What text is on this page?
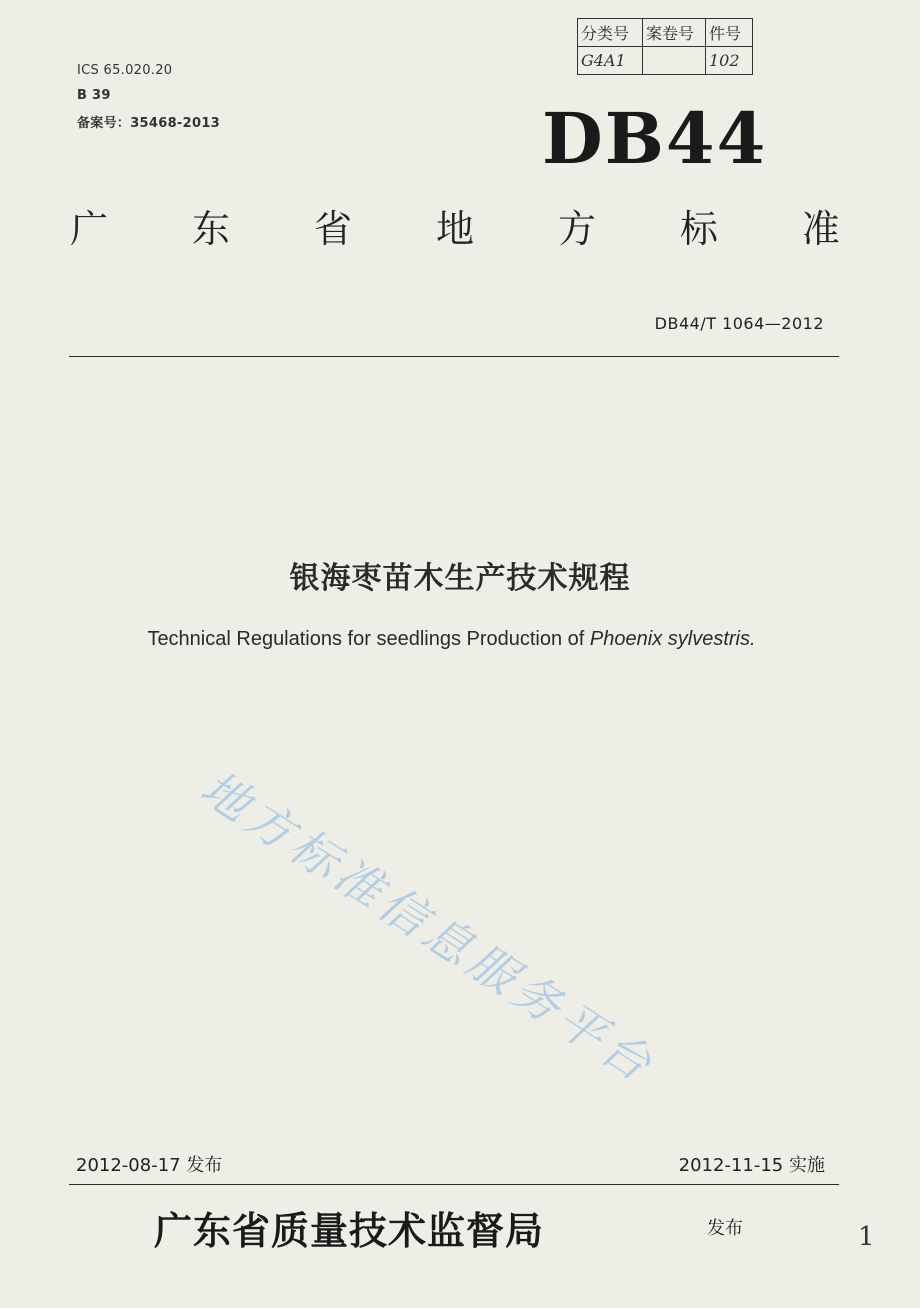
分类号	案卷号	件号
G4A1		102
ICS 65.020.20
B 39
备案号：35468-2013	DB44
广 东 省 地 方 标 准
DB44/T 1064—2012
银海枣苗木生产技术规程
Technical Regulations for seedlings Production of Phoenix sylvestris.
地方标准信息服务平台
2012-08-17 发布	2012-11-15 实施
广东省质量技术监督局	发布	1
